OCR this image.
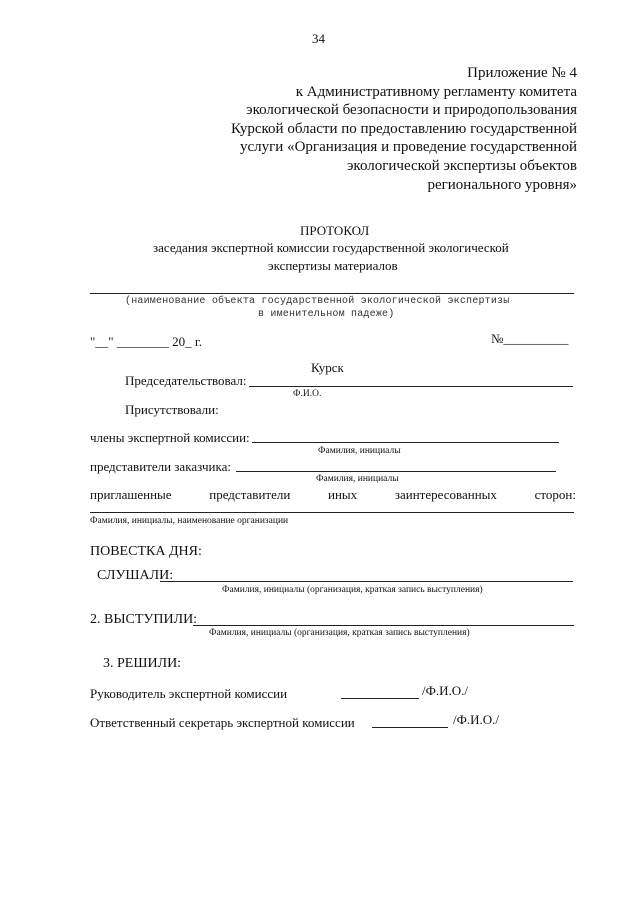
34
Приложение № 4
к Административному регламенту комитета
экологической безопасности и природопользования
Курской области по предоставлению государственной
услуги «Организация и проведение государственной
экологической экспертизы объектов
регионального уровня»
ПРОТОКОЛ
заседания экспертной комиссии государственной экологической
экспертизы материалов
(наименование объекта государственной экологической экспертизы
в именительном падеже)
"__" ________ 20_ г.	№__________
Курск
Председательствовал:
Ф.И.О.
Присутствовали:
члены экспертной комиссии:
Фамилия, инициалы
представители заказчика:
Фамилия, инициалы
приглашенные	представители	иных	заинтересованных	сторон:
Фамилия, инициалы, наименование организации
ПОВЕСТКА ДНЯ:
СЛУШАЛИ:
Фамилия, инициалы (организация, краткая запись выступления)
2. ВЫСТУПИЛИ:
Фамилия, инициалы (организация, краткая запись выступления)
3. РЕШИЛИ:
Руководитель экспертной комиссии	/Ф.И.О./
Ответственный секретарь экспертной комиссии	/Ф.И.О./
